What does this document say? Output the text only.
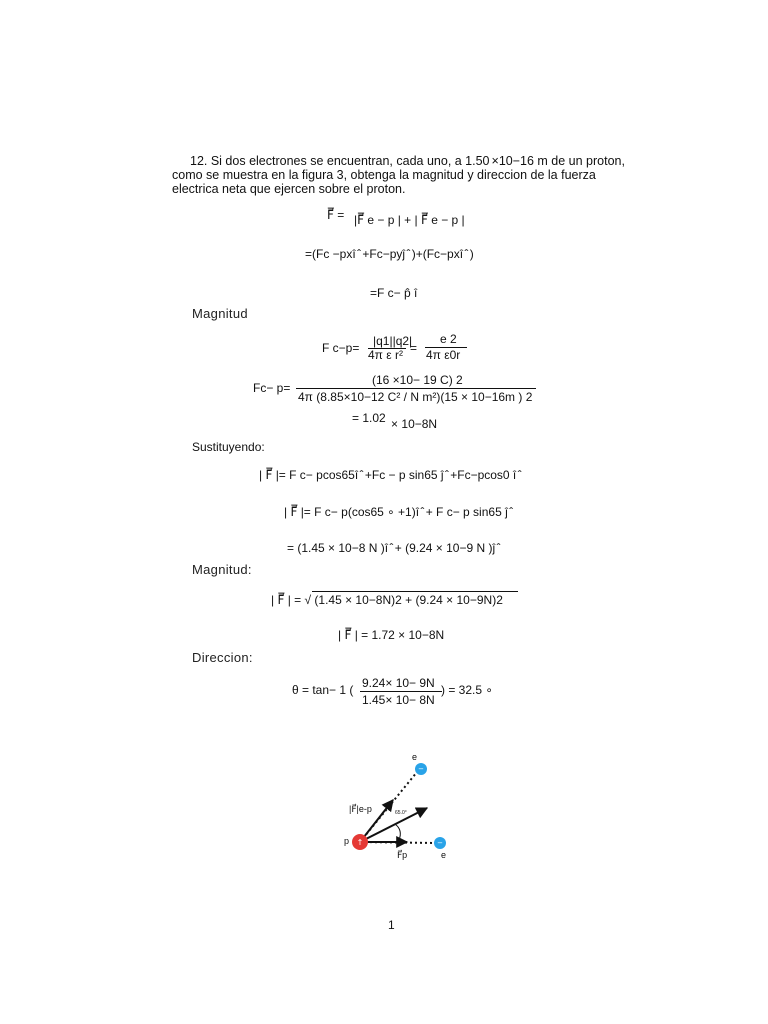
12. Si dos electrones se encuentran, cada uno, a 1.50 ×10−16 m de un proton,
como se muestra en la figura 3, obtenga la magnitud y direccion de la fuerza
electrica neta que ejercen sobre el proton.
F⃗̅ = |F⃗̅ e − p | + | F⃗̅ e − p |
=(Fc −pxî ̂ +Fc−pyĵ ̂ )+(Fc−pxî ̂ )
=F c− p̂ î
Magnitud
F c−p= |q1||q2|
4π ε r² =
e 2
4π ε0r
Fc− p=
(16 ×10− 19 C) 2
4π (8.85×10−12 C² / N m²)(15 × 10−16m ) 2
= 1.02 × 10−8N
Sustituyendo:
| F⃗̅ |= F c− pcos65î ̂ +Fc − p sin65 ĵ ̂ +Fc−pcos0 î ̂
| F⃗̅ |= F c− p(cos65 ∘ +1)î ̂ + F c− p sin65 ĵ ̂
= (1.45 × 10−8 N )î ̂ + (9.24 × 10−9 N )ĵ ̂
Magnitud:
| F⃗̅ | = √ (1.45 × 10−8N)2 + (9.24 × 10−9N)2
| F⃗̅ | = 1.72 × 10−8N
Direccion:
θ = tan− 1 ( 9.24× 10− 9N
1.45× 10− 8N
) = 32.5 ∘
↑
−
−
e
e
p
|F⃗|e-p
F⃗p
65.0°
1
